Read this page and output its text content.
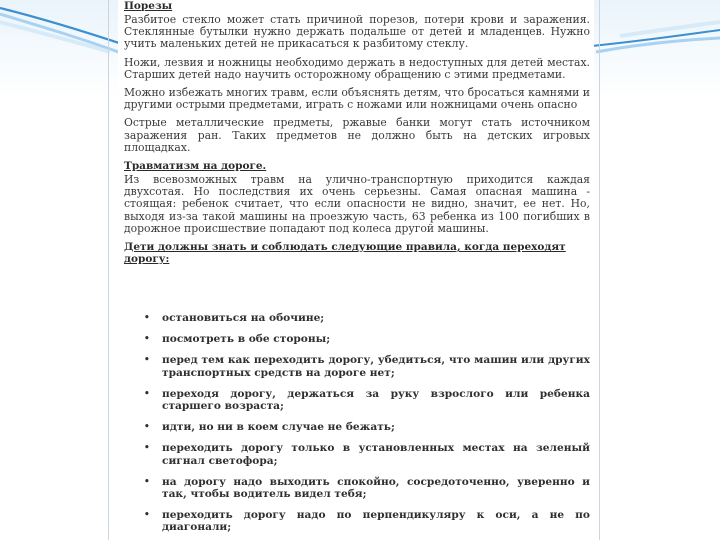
Порезы

Разбитое стекло может стать причиной порезов, потери крови и заражения. Стеклянные бутылки нужно держать подальше от детей и младенцев. Нужно учить маленьких детей не прикасаться к разбитому стеклу.

Ножи, лезвия и ножницы необходимо держать в недоступных для детей местах. Старших детей надо научить осторожному обращению с этими предметами.

Можно избежать многих травм, если объяснять детям, что бросаться камнями и другими острыми предметами, играть с ножами или ножницами очень опасно

Острые металлические предметы, ржавые банки могут стать источником заражения ран. Таких предметов не должно быть на детских игровых площадках.

Травматизм на дороге.

Из всевозможных травм на улично-транспортную приходится каждая двухсотая. Но последствия их очень серьезны. Самая опасная машина - стоящая: ребенок считает, что если опасности не видно, значит, ее нет. Но, выходя из-за такой машины на проезжую часть, 63 ребенка из 100 погибших в дорожное происшествие попадают под колеса другой машины.

Дети должны знать и соблюдать следующие правила, когда переходят дорогу:
• остановиться на обочине;
• посмотреть в обе стороны;
• перед тем как переходить дорогу, убедиться, что машин или других транспортных средств на дороге нет;
• переходя дорогу, держаться за руку взрослого или ребенка старшего возраста;
• идти, но ни в коем случае не бежать;
• переходить дорогу только в установленных местах на зеленый сигнал светофора;
• на дорогу надо выходить спокойно, сосредоточенно, уверенно и так, чтобы водитель видел тебя;
• переходить дорогу надо по перпендикуляру к оси, а не по диагонали;
